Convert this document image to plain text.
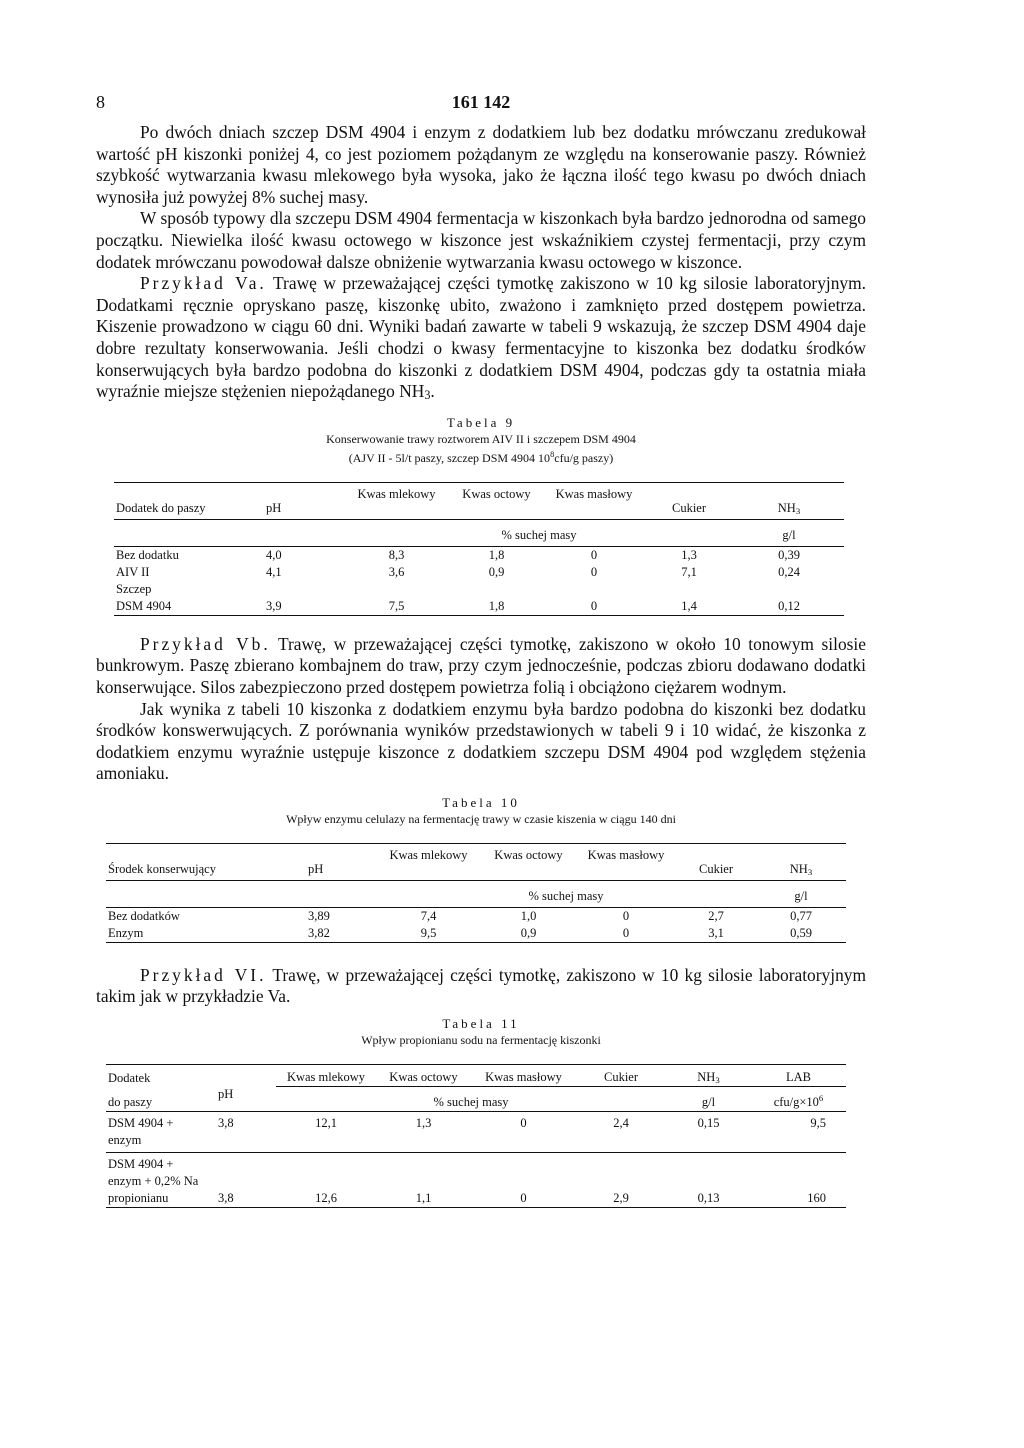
8	161 142

Po dwóch dniach szczep DSM 4904 i enzym z dodatkiem lub bez dodatku mrówczanu zredukował wartość pH kiszonki poniżej 4, co jest poziomem pożądanym ze względu na konserowanie paszy. Również szybkość wytwarzania kwasu mlekowego była wysoka, jako że łączna ilość tego kwasu po dwóch dniach wynosiła już powyżej 8% suchej masy.

W sposób typowy dla szczepu DSM 4904 fermentacja w kiszonkach była bardzo jednorodna od samego początku. Niewielka ilość kwasu octowego w kiszonce jest wskaźnikiem czystej fermentacji, przy czym dodatek mrówczanu powodował dalsze obniżenie wytwarzania kwasu octowego w kiszonce.

Przykład Va. Trawę w przeważającej części tymotkę zakiszono w 10 kg silosie laboratoryjnym. Dodatkami ręcznie opryskano paszę, kiszonkę ubito, zważono i zamknięto przed dostępem powietrza. Kiszenie prowadzono w ciągu 60 dni. Wyniki badań zawarte w tabeli 9 wskazują, że szczep DSM 4904 daje dobre rezultaty konserwowania. Jeśli chodzi o kwasy fermentacyjne to kiszonka bez dodatku środków konserwujących była bardzo podobna do kiszonki z dodatkiem DSM 4904, podczas gdy ta ostatnia miała wyraźnie miejsze stężenien niepożądanego $NH_3$.

Tabela 9
Konserwowanie trawy roztworem AIV II i szczepem DSM 4904
(AJV II - 5l/t paszy, szczep DSM 4904 $10^8cfu/g$ paszy)
Dodatek do paszy	pH	Kwas mlekowy	Kwas octowy	Kwas masłowy	Cukier	$NH_3$

		% suchej masy				g/l
Bez dodatku	4,0	8,3	1,8	0	1,3	0,39
AIV II	4,1	3,6	0,9	0	7,1	0,24
Szczep						
DSM 4904	3,9	7,5	1,8	0	1,4	0,12

Przykład Vb. Trawę, w przeważającej części tymotkę, zakiszono w około 10 tonowym silosie bunkrowym. Paszę zbierano kombajnem do traw, przy czym jednocześnie, podczas zbioru dodawano dodatki konserwujące. Silos zabezpieczono przed dostępem powietrza folią i obciążono ciężarem wodnym.

Jak wynika z tabeli 10 kiszonka z dodatkiem enzymu była bardzo podobna do kiszonki bez dodatku środków konswerwujących. Z porównania wyników przedstawionych w tabeli 9 i 10 widać, że kiszonka z dodatkiem enzymu wyraźnie ustępuje kiszonce z dodatkiem szczepu DSM 4904 pod względem stężenia amoniaku.

Tabela 10
Wpływ enzymu celulazy na fermentację trawy w czasie kiszenia w ciągu 140 dni
Środek konserwujący	pH	Kwas mlekowy	Kwas octowy	Kwas masłowy	Cukier	$NH_3$

		% suchej masy				g/l
Bez dodatków	3,89	7,4	1,0	0	2,7	0,77
Enzym	3,82	9,5	0,9	0	3,1	0,59

Przykład VI. Trawę, w przeważającej części tymotkę, zakiszono w 10 kg silosie laboratoryjnym takim jak w przykładzie Va.

Tabela 11
Wpływ propionianu sodu na fermentację kiszonki
Dodatek	pH	Kwas mlekowy	Kwas octowy	Kwas masłowy	Cukier	$NH_3$	LAB
do paszy		% suchej masy				g/l	cfu/$g\times 10^6$
DSM 4904 +	3,8	12,1	1,3	0	2,4	0,15	9,5
enzym							
DSM 4904 +							
enzym + 0,2% Na							
propionianu	3,8	12,6	1,1	0	2,9	0,13	160
